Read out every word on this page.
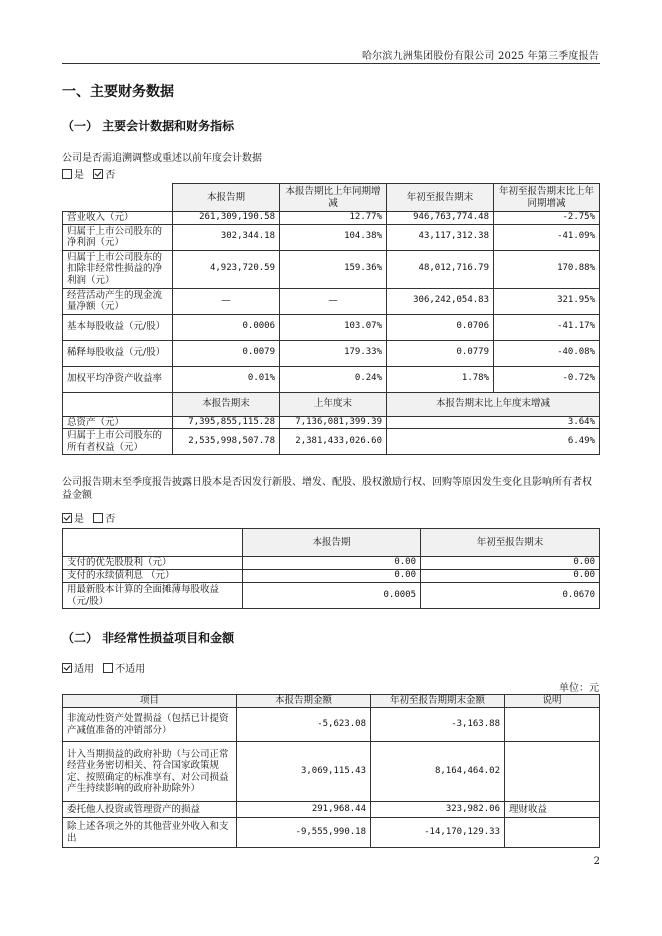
哈尔滨九洲集团股份有限公司 2025 年第三季度报告
一、主要财务数据
（一） 主要会计数据和财务指标
公司是否需追溯调整或重述以前年度会计数据
是 否
	本报告期	本报告期比上年同期增减	年初至报告期末	年初至报告期末比上年同期增减
营业收入（元）	261,309,190.58	12.77%	946,763,774.48	-2.75%
归属于上市公司股东的净利润（元）	302,344.18	104.38%	43,117,312.38	-41.09%
归属于上市公司股东的扣除非经常性损益的净利润（元）	4,923,720.59	159.36%	48,012,716.79	170.88%
经营活动产生的现金流量净额（元）	—	—	306,242,054.83	321.95%
基本每股收益（元/股）	0.0006	103.07%	0.0706	-41.17%
稀释每股收益（元/股）	0.0079	179.33%	0.0779	-40.08%
加权平均净资产收益率	0.01%	0.24%	1.78%	-0.72%
	本报告期末	上年度末	本报告期末比上年度末增减	
总资产（元）	7,395,855,115.28	7,136,081,399.39	3.64%	
归属于上市公司股东的所有者权益（元）	2,535,998,507.78	2,381,433,026.60	6.49%	
公司报告期末至季度报告披露日股本是否因发行新股、增发、配股、股权激励行权、回购等原因发生变化且影响所有者权益金额
是 否
	本报告期	年初至报告期末
支付的优先股股利（元）	0.00	0.00
支付的永续债利息 （元）	0.00	0.00
用最新股本计算的全面摊薄每股收益（元/股）	0.0005	0.0670
（二） 非经常性损益项目和金额
适用 不适用
单位：元
项目	本报告期金额	年初至报告期期末金额	说明
非流动性资产处置损益（包括已计提资产减值准备的冲销部分）	-5,623.08	-3,163.88	
计入当期损益的政府补助（与公司正常经营业务密切相关、符合国家政策规定、按照确定的标准享有、对公司损益产生持续影响的政府补助除外）	3,069,115.43	8,164,464.02	
委托他人投资或管理资产的损益	291,968.44	323,982.06	理财收益
除上述各项之外的其他营业外收入和支出	-9,555,990.18	-14,170,129.33	
2
